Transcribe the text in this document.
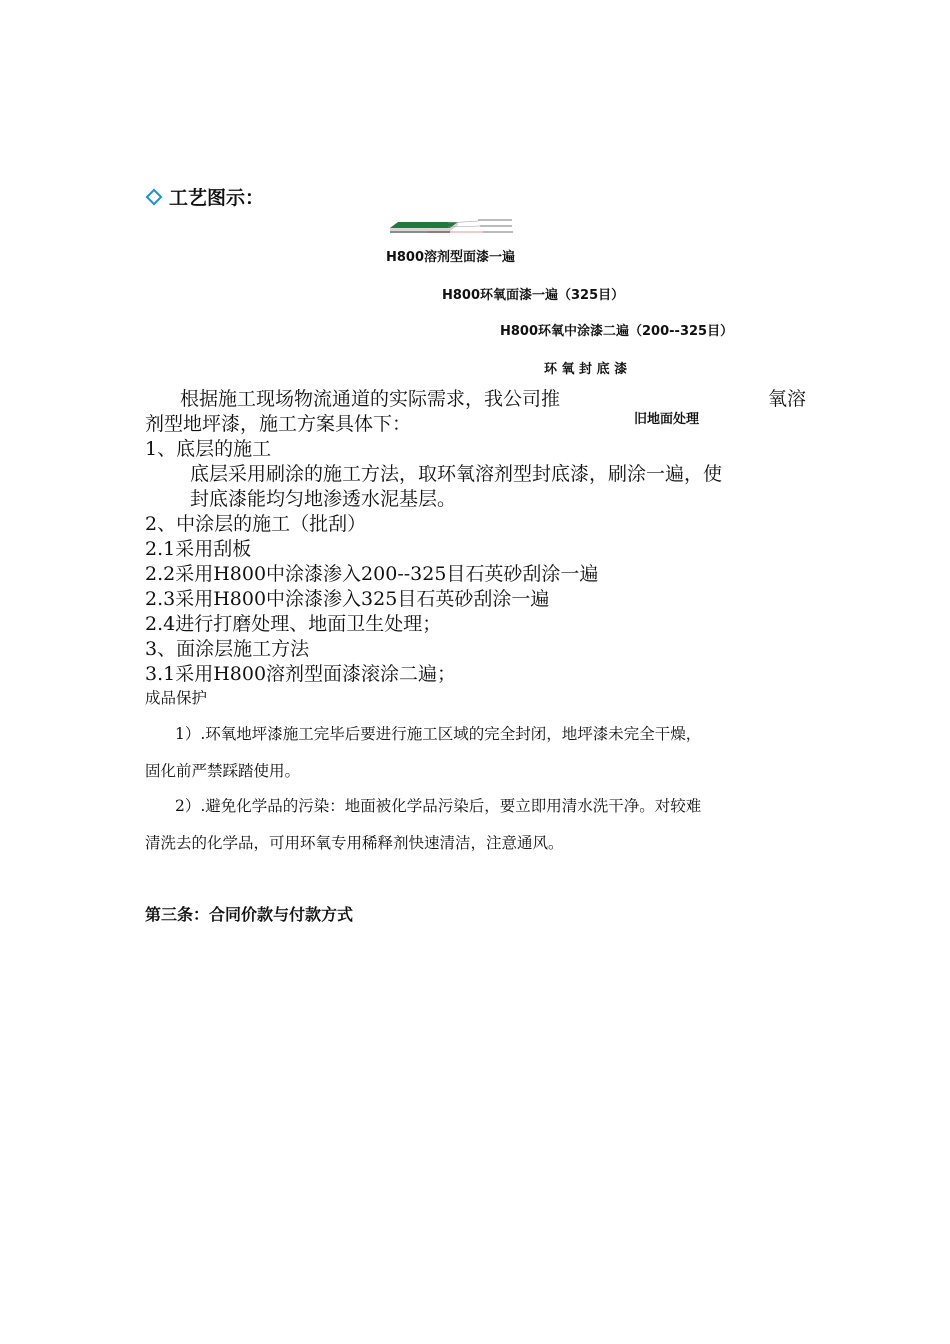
工艺图示：
H800溶剂型面漆一遍
H800环氧面漆一遍（325目）
H800环氧中涂漆二遍（200--325目）
环 氧 封 底 漆
根据施工现场物流通道的实际需求，我公司推	氧溶
剂型地坪漆，施工方案具体下：	旧地面处理
1、底层的施工
底层采用刷涂的施工方法，取环氧溶剂型封底漆，刷涂一遍，使
封底漆能均匀地渗透水泥基层。
2、中涂层的施工（批刮）
2.1采用刮板
2.2采用H800中涂漆渗入200--325目石英砂刮涂一遍
2.3采用H800中涂漆渗入325目石英砂刮涂一遍
2.4进行打磨处理、地面卫生处理；
3、面涂层施工方法
3.1采用H800溶剂型面漆滚涂二遍；
成品保护
1）.环氧地坪漆施工完毕后要进行施工区域的完全封闭，地坪漆未完全干燥，
固化前严禁踩踏使用。
2）.避免化学品的污染：地面被化学品污染后，要立即用清水洗干净。对较难
清洗去的化学品，可用环氧专用稀释剂快速清洁，注意通风。
第三条：合同价款与付款方式
